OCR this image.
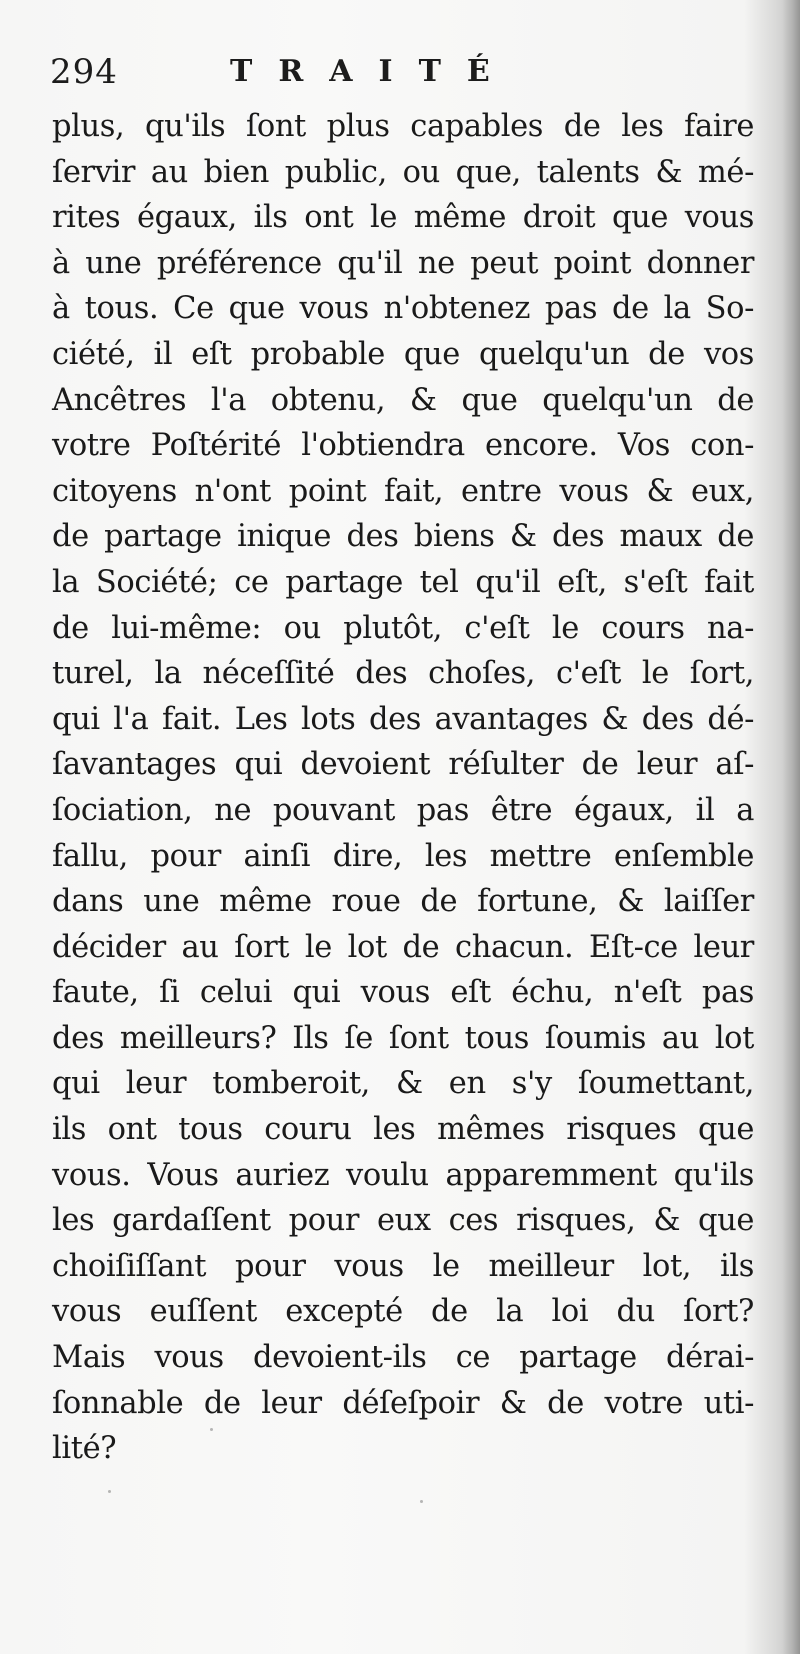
294	TRAITÉ
plus, qu'ils ſont plus capables de les faire
ſervir au bien public, ou que, talents & mé-
rites égaux, ils ont le même droit que vous
à une préférence qu'il ne peut point donner
à tous. Ce que vous n'obtenez pas de la So-
ciété, il eſt probable que quelqu'un de vos
Ancêtres l'a obtenu, & que quelqu'un de
votre Poſtérité l'obtiendra encore. Vos con-
citoyens n'ont point fait, entre vous & eux,
de partage inique des biens & des maux de
la Société; ce partage tel qu'il eſt, s'eſt fait
de lui-même: ou plutôt, c'eſt le cours na-
turel, la néceſſité des choſes, c'eſt le ſort,
qui l'a fait. Les lots des avantages & des dé-
ſavantages qui devoient réſulter de leur aſ-
ſociation, ne pouvant pas être égaux, il a
fallu, pour ainſi dire, les mettre enſemble
dans une même roue de fortune, & laiſſer
décider au ſort le lot de chacun. Eſt-ce leur
faute, ſi celui qui vous eſt échu, n'eſt pas
des meilleurs? Ils ſe ſont tous ſoumis au lot
qui leur tomberoit, & en s'y ſoumettant,
ils ont tous couru les mêmes risques que
vous. Vous auriez voulu apparemment qu'ils
les gardaſſent pour eux ces risques, & que
choiſiſſant pour vous le meilleur lot, ils
vous euſſent excepté de la loi du ſort?
Mais vous devoient-ils ce partage dérai-
ſonnable de leur déſeſpoir & de votre uti-
lité?
